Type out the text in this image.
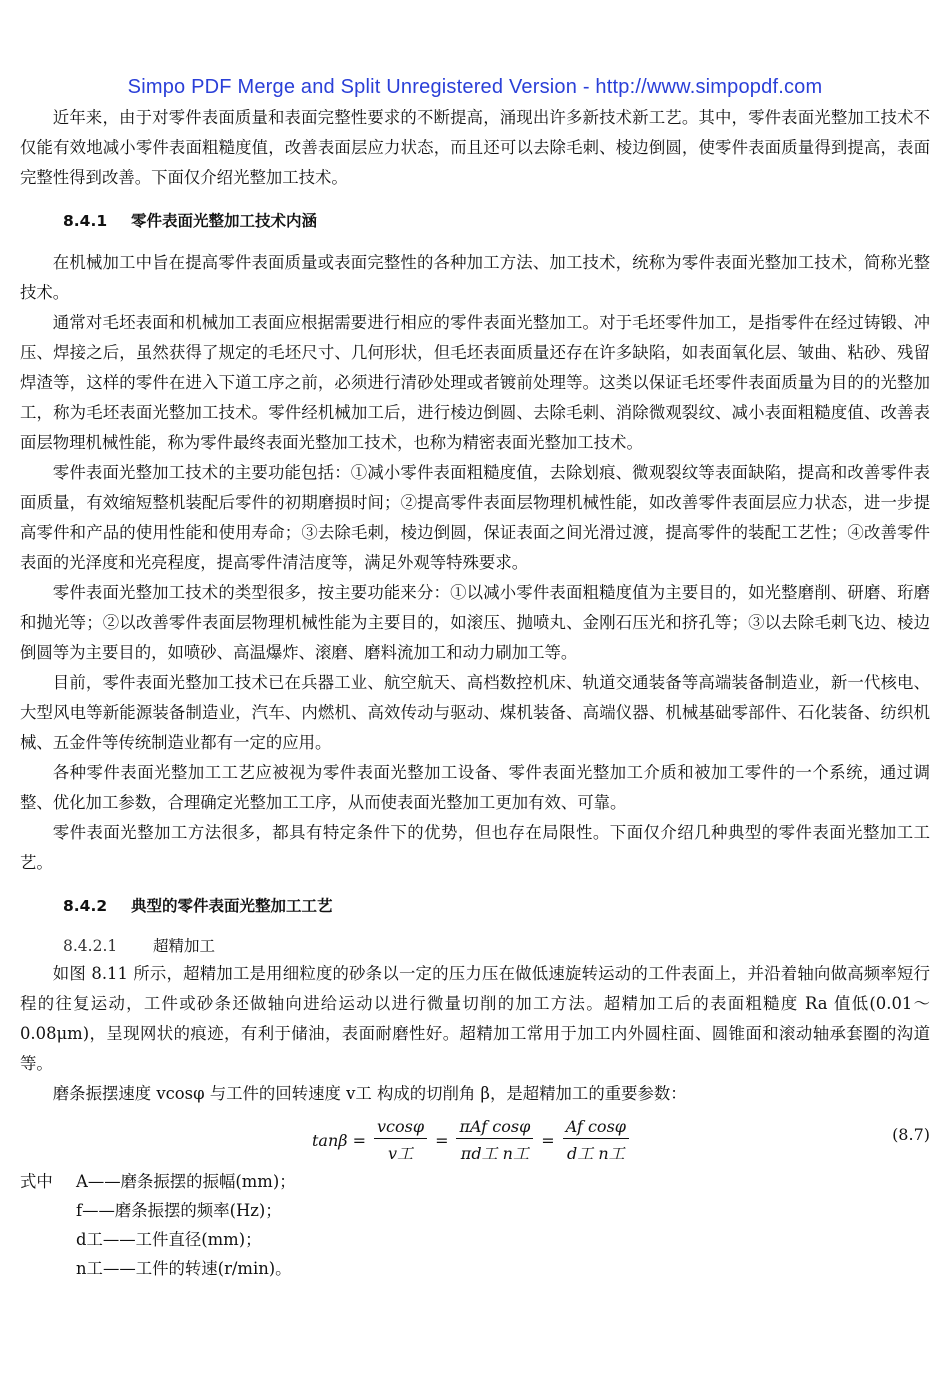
Simpo PDF Merge and Split Unregistered Version - http://www.simpopdf.com

近年来，由于对零件表面质量和表面完整性要求的不断提高，涌现出许多新技术新工艺。其中，零件表面光整加工技术不仅能有效地减小零件表面粗糙度值，改善表面层应力状态，而且还可以去除毛刺、棱边倒圆，使零件表面质量得到提高，表面完整性得到改善。下面仅介绍光整加工技术。

8.4.1 零件表面光整加工技术内涵

在机械加工中旨在提高零件表面质量或表面完整性的各种加工方法、加工技术，统称为零件表面光整加工技术，简称光整技术。

通常对毛坯表面和机械加工表面应根据需要进行相应的零件表面光整加工。对于毛坯零件加工，是指零件在经过铸锻、冲压、焊接之后，虽然获得了规定的毛坯尺寸、几何形状，但毛坯表面质量还存在许多缺陷，如表面氧化层、皱曲、粘砂、残留焊渣等，这样的零件在进入下道工序之前，必须进行清砂处理或者镀前处理等。这类以保证毛坯零件表面质量为目的的光整加工，称为毛坯表面光整加工技术。零件经机械加工后，进行棱边倒圆、去除毛刺、消除微观裂纹、减小表面粗糙度值、改善表面层物理机械性能，称为零件最终表面光整加工技术，也称为精密表面光整加工技术。

零件表面光整加工技术的主要功能包括：①减小零件表面粗糙度值，去除划痕、微观裂纹等表面缺陷，提高和改善零件表面质量，有效缩短整机装配后零件的初期磨损时间；②提高零件表面层物理机械性能，如改善零件表面层应力状态，进一步提高零件和产品的使用性能和使用寿命；③去除毛刺，棱边倒圆，保证表面之间光滑过渡，提高零件的装配工艺性；④改善零件表面的光泽度和光亮程度，提高零件清洁度等，满足外观等特殊要求。

零件表面光整加工技术的类型很多，按主要功能来分：①以减小零件表面粗糙度值为主要目的，如光整磨削、研磨、珩磨和抛光等；②以改善零件表面层物理机械性能为主要目的，如滚压、抛喷丸、金刚石压光和挤孔等；③以去除毛刺飞边、棱边倒圆等为主要目的，如喷砂、高温爆炸、滚磨、磨料流加工和动力刷加工等。

目前，零件表面光整加工技术已在兵器工业、航空航天、高档数控机床、轨道交通装备等高端装备制造业，新一代核电、大型风电等新能源装备制造业，汽车、内燃机、高效传动与驱动、煤机装备、高端仪器、机械基础零部件、石化装备、纺织机械、五金件等传统制造业都有一定的应用。

各种零件表面光整加工工艺应被视为零件表面光整加工设备、零件表面光整加工介质和被加工零件的一个系统，通过调整、优化加工参数，合理确定光整加工工序，从而使表面光整加工更加有效、可靠。

零件表面光整加工方法很多，都具有特定条件下的优势，但也存在局限性。下面仅介绍几种典型的零件表面光整加工工艺。

8.4.2 典型的零件表面光整加工工艺
8.4.2.1 超精加工

如图 8.11 所示，超精加工是用细粒度的砂条以一定的压力压在做低速旋转运动的工件表面上，并沿着轴向做高频率短行程的往复运动，工件或砂条还做轴向进给运动以进行微量切削的加工方法。超精加工后的表面粗糙度 Ra 值低(0.01～0.08μm)，呈现网状的痕迹，有利于储油，表面耐磨性好。超精加工常用于加工内外圆柱面、圆锥面和滚动轴承套圈的沟道等。

磨条振摆速度 vcosφ 与工件的回转速度 v工 构成的切削角 β，是超精加工的重要参数：

$\tan\beta = \frac{vcos\varphi}{\text{v工}} = \frac{\text{πAf cosφ}}{\text{πd工 n工}} = \frac{\text{Af cosφ}}{\text{d工 n工}}$	(8.7)
式中	A——磨条振摆的振幅(mm)；
f——磨条振摆的频率(Hz)；
d工——工件直径(mm)；
n工——工件的转速(r/min)。
